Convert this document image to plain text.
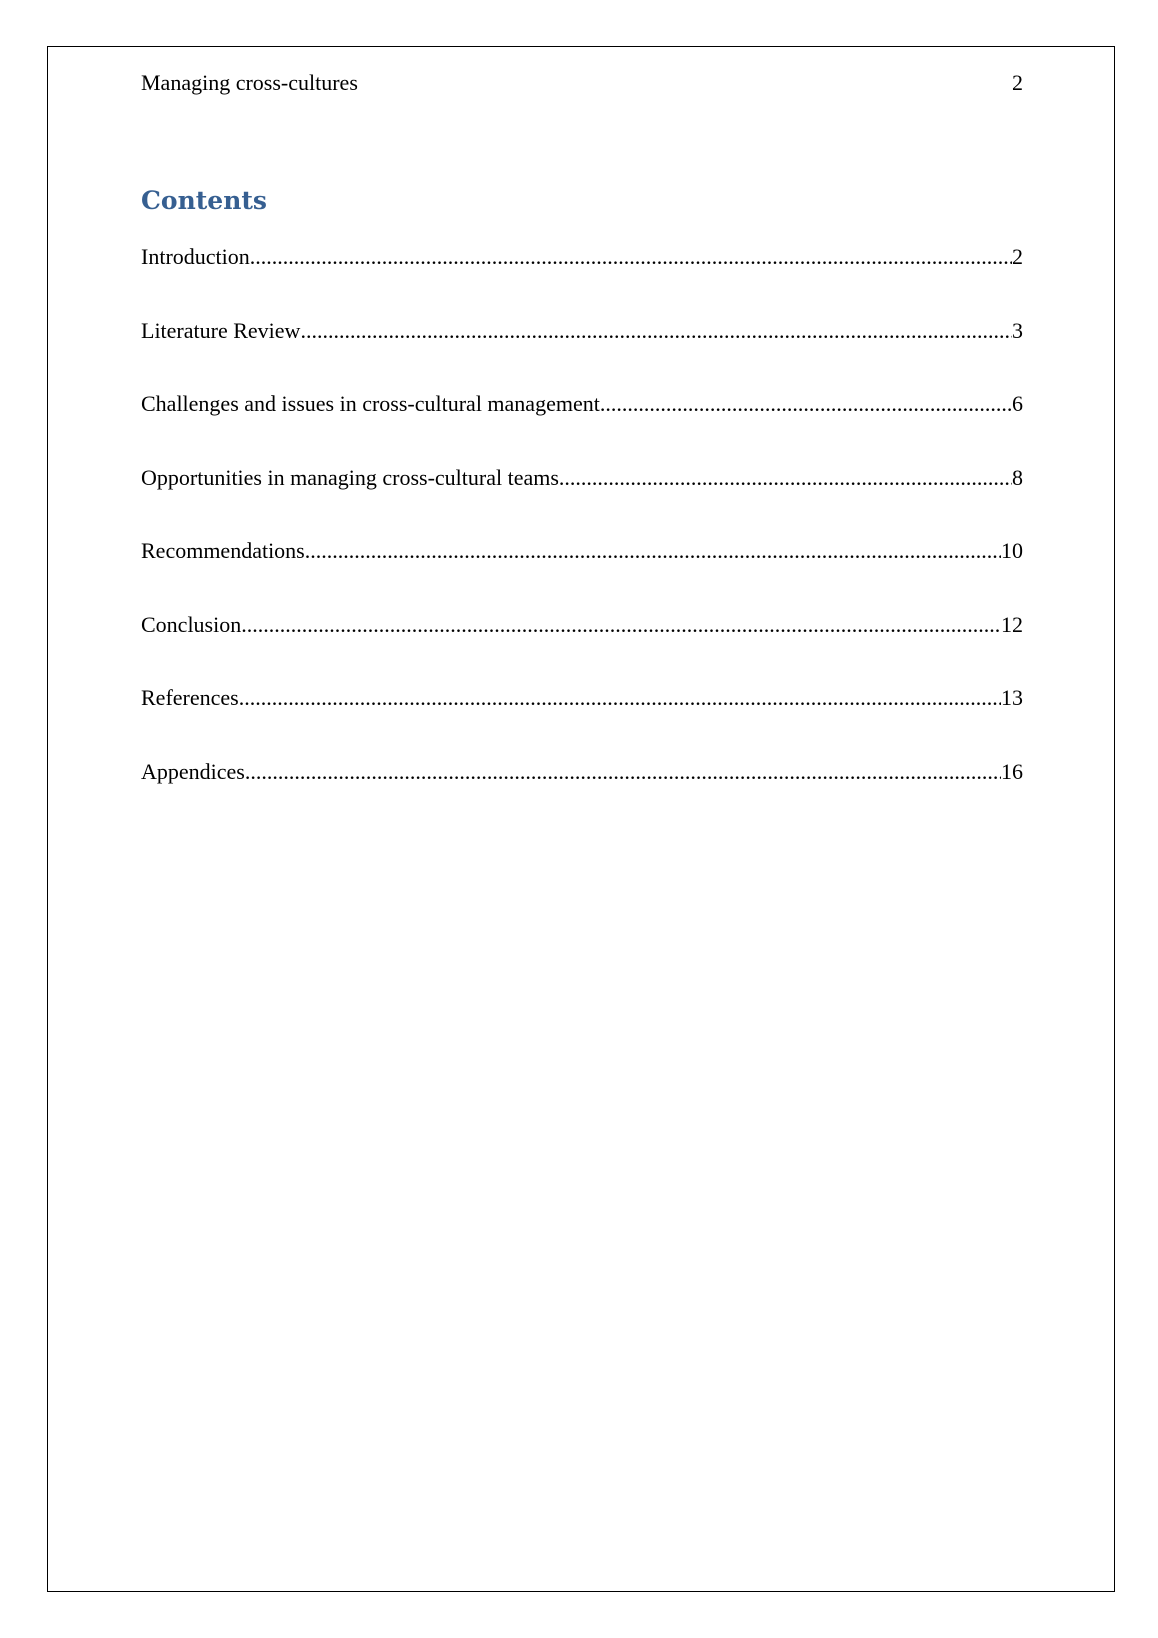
Managing cross-cultures	2
Contents
Introduction .....	2
Literature Review .....	3
Challenges and issues in cross-cultural management .....	6
Opportunities in managing cross-cultural teams .....	8
Recommendations .....	10
Conclusion .....	12
References .....	13
Appendices .....	16
